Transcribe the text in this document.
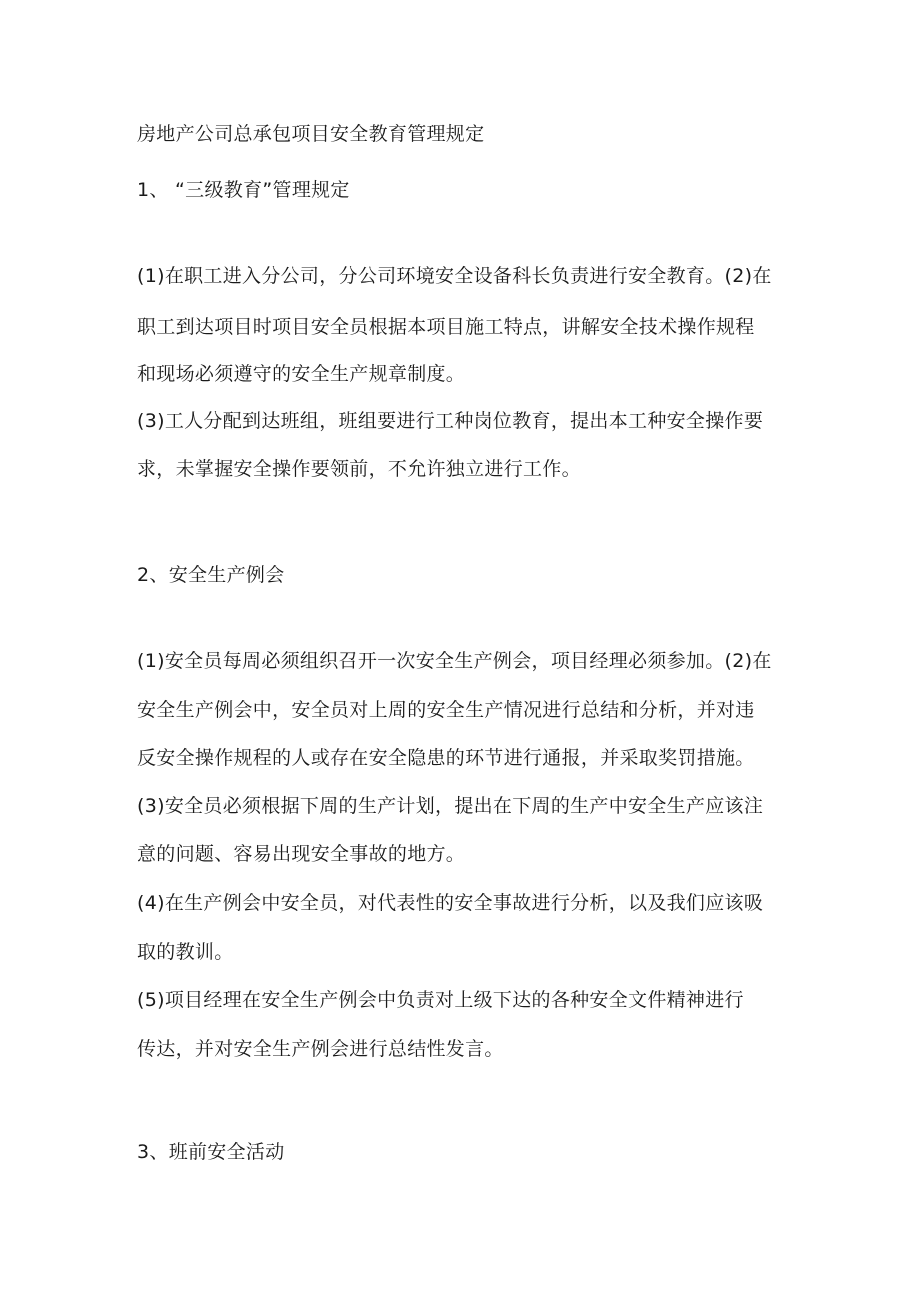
房地产公司总承包项目安全教育管理规定
1、 “三级教育”管理规定
(1)在职工进入分公司，分公司环境安全设备科长负责进行安全教育。(2)在
职工到达项目时项目安全员根据本项目施工特点，讲解安全技术操作规程
和现场必须遵守的安全生产规章制度。
(3)工人分配到达班组，班组要进行工种岗位教育，提出本工种安全操作要
求，未掌握安全操作要领前，不允许独立进行工作。
2、安全生产例会
(1)安全员每周必须组织召开一次安全生产例会，项目经理必须参加。(2)在
安全生产例会中，安全员对上周的安全生产情况进行总结和分析，并对违
反安全操作规程的人或存在安全隐患的环节进行通报，并采取奖罚措施。
(3)安全员必须根据下周的生产计划，提出在下周的生产中安全生产应该注
意的问题、容易出现安全事故的地方。
(4)在生产例会中安全员，对代表性的安全事故进行分析，以及我们应该吸
取的教训。
(5)项目经理在安全生产例会中负责对上级下达的各种安全文件精神进行
传达，并对安全生产例会进行总结性发言。
3、班前安全活动
